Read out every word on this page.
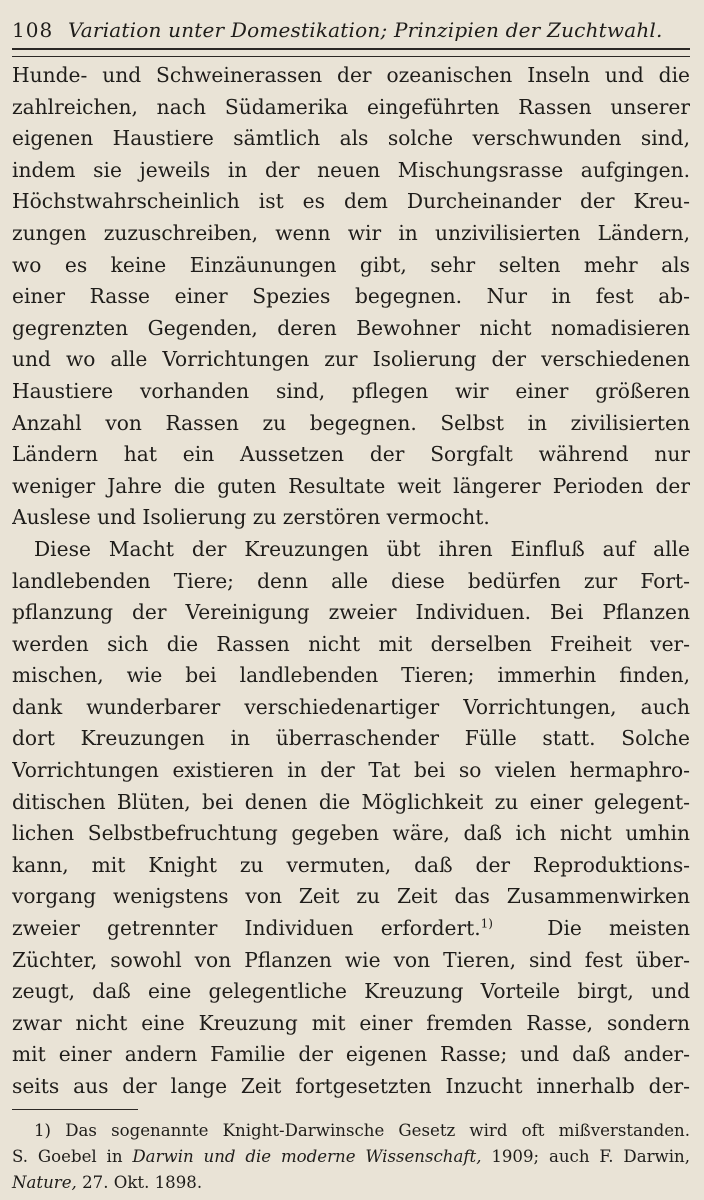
108 Variation unter Domestikation; Prinzipien der Zuchtwahl.
Hunde- und Schweinerassen der ozeanischen Inseln und die
zahlreichen, nach Südamerika eingeführten Rassen unserer
eigenen Haustiere sämtlich als solche verschwunden sind,
indem sie jeweils in der neuen Mischungsrasse aufgingen.
Höchstwahrscheinlich ist es dem Durcheinander der Kreu-
zungen zuzuschreiben, wenn wir in unzivilisierten Ländern,
wo es keine Einzäunungen gibt, sehr selten mehr als
einer Rasse einer Spezies begegnen. Nur in fest ab-
gegrenzten Gegenden, deren Bewohner nicht nomadisieren
und wo alle Vorrichtungen zur Isolierung der verschiedenen
Haustiere vorhanden sind, pflegen wir einer größeren
Anzahl von Rassen zu begegnen. Selbst in zivilisierten
Ländern hat ein Aussetzen der Sorgfalt während nur
weniger Jahre die guten Resultate weit längerer Perioden der
Auslese und Isolierung zu zerstören vermocht.
Diese Macht der Kreuzungen übt ihren Einfluß auf alle
landlebenden Tiere; denn alle diese bedürfen zur Fort-
pflanzung der Vereinigung zweier Individuen. Bei Pflanzen
werden sich die Rassen nicht mit derselben Freiheit ver-
mischen, wie bei landlebenden Tieren; immerhin finden,
dank wunderbarer verschiedenartiger Vorrichtungen, auch
dort Kreuzungen in überraschender Fülle statt. Solche
Vorrichtungen existieren in der Tat bei so vielen hermaphro-
ditischen Blüten, bei denen die Möglichkeit zu einer gelegent-
lichen Selbstbefruchtung gegeben wäre, daß ich nicht umhin
kann, mit Knight zu vermuten, daß der Reproduktions-
vorgang wenigstens von Zeit zu Zeit das Zusammenwirken
zweier getrennter Individuen erfordert.$^{1)}$	Die meisten
Züchter, sowohl von Pflanzen wie von Tieren, sind fest über-
zeugt, daß eine gelegentliche Kreuzung Vorteile birgt, und
zwar nicht eine Kreuzung mit einer fremden Rasse, sondern
mit einer andern Familie der eigenen Rasse; und daß ander-
seits aus der lange Zeit fortgesetzten Inzucht innerhalb der-
1) Das sogenannte Knight-Darwinsche Gesetz wird oft mißverstanden.
S. Goebel in Darwin und die moderne Wissenschaft, 1909; auch F. Darwin,
Nature, 27. Okt. 1898.
